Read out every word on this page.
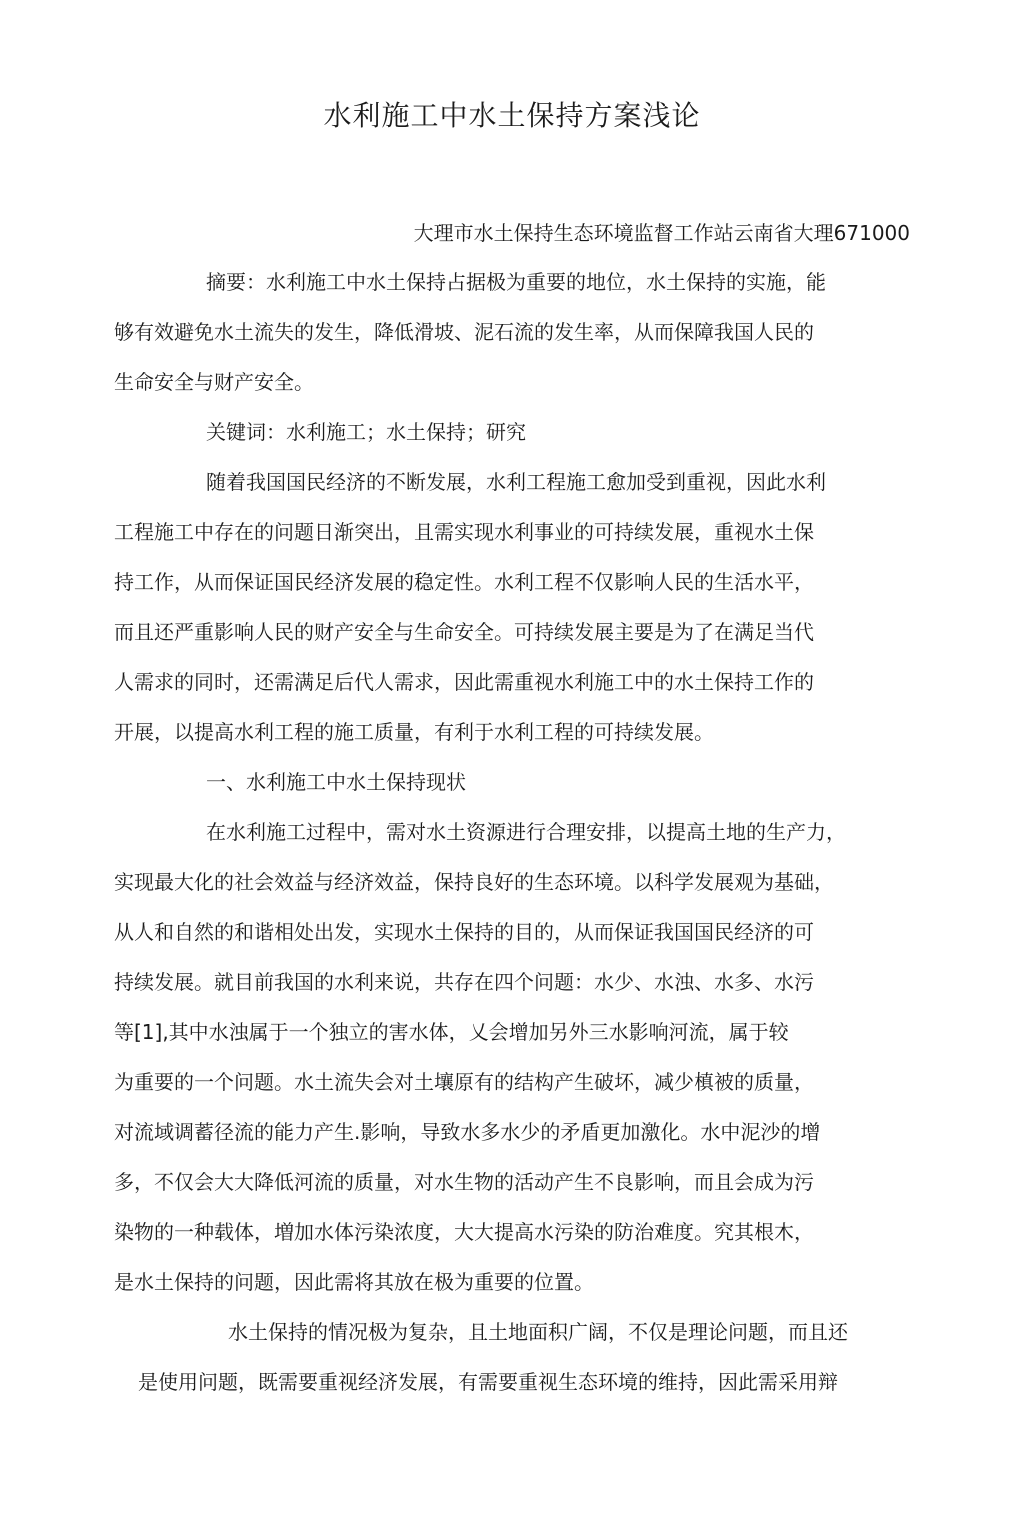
水利施工中水土保持方案浅论
大理市水土保持生态环境监督工作站云南省大理671000
摘要：水利施工中水土保持占据极为重要的地位，水土保持的实施，能
够有效避免水土流失的发生，降低滑坡、泥石流的发生率，从而保障我国人民的
生命安全与财产安全。
关键词：水利施工；水土保持；研究
随着我国国民经济的不断发展，水利工程施工愈加受到重视，因此水利
工程施工中存在的问题日渐突出，且需实现水利事业的可持续发展，重视水土保
持工作，从而保证国民经济发展的稳定性。水利工程不仅影响人民的生活水平，
而且还严重影响人民的财产安全与生命安全。可持续发展主要是为了在满足当代
人需求的同时，还需满足后代人需求，因此需重视水利施工中的水土保持工作的
开展，以提高水利工程的施工质量，有利于水利工程的可持续发展。
一、水利施工中水土保持现状
在水利施工过程中，需对水土资源进行合理安排，以提高土地的生产力，
实现最大化的社会效益与经济效益，保持良好的生态环境。以科学发展观为基础，
从人和自然的和谐相处出发，实现水土保持的目的，从而保证我国国民经济的可
持续发展。就目前我国的水利来说，共存在四个问题：水少、水浊、水多、水污
等[1],其中水浊属于一个独立的害水体，乂会增加另外三水影响河流，属于较
为重要的一个问题。水土流失会对土壤原有的结构产生破坏，减少槙被的质量，
对流域调蓄径流的能力产生.影响，导致水多水少的矛盾更加激化。水中泥沙的增
多，不仅会大大降低河流的质量，对水生物的活动产生不良影响，而且会成为污
染物的一种载体，増加水体污染浓度，大大提高水污染的防治难度。究其根木，
是水土保持的问题，因此需将其放在极为重要的位置。
水土保持的情况极为复杂，且土地面积广阔，不仅是理论问题，而且还
是使用问题，既需要重视经济发展，有需要重视生态环境的维持，因此需采用辩
